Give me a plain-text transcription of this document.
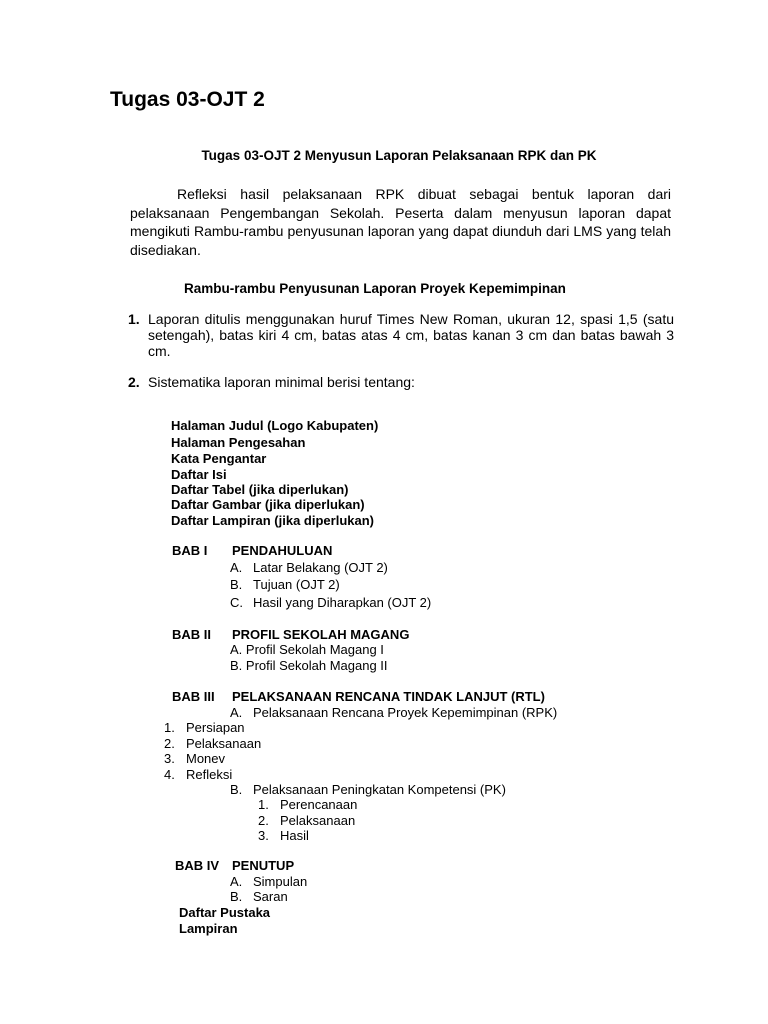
Tugas 03-OJT 2
Tugas 03-OJT 2 Menyusun Laporan Pelaksanaan RPK dan PK
Refleksi hasil pelaksanaan RPK dibuat sebagai bentuk laporan dari pelaksanaan Pengembangan Sekolah. Peserta dalam menyusun laporan dapat mengikuti Rambu-rambu penyusunan laporan yang dapat diunduh dari LMS yang telah disediakan.
Rambu-rambu Penyusunan Laporan Proyek Kepemimpinan
1. Laporan ditulis menggunakan huruf Times New Roman, ukuran 12, spasi 1,5 (satu setengah), batas kiri 4 cm, batas atas 4 cm, batas kanan 3 cm dan batas bawah 3 cm.
2. Sistematika laporan minimal berisi tentang:
Halaman Judul (Logo Kabupaten)
Halaman Pengesahan
Kata Pengantar
Daftar Isi
Daftar Tabel (jika diperlukan)
Daftar Gambar (jika diperlukan)
Daftar Lampiran (jika diperlukan)
BAB I PENDAHULUAN
A. Latar Belakang (OJT 2)
B. Tujuan (OJT 2)
C. Hasil yang Diharapkan (OJT 2)
BAB II PROFIL SEKOLAH MAGANG
A. Profil Sekolah Magang I
B. Profil Sekolah Magang II
BAB III PELAKSANAAN RENCANA TINDAK LANJUT (RTL)
A. Pelaksanaan Rencana Proyek Kepemimpinan (RPK)
1. Persiapan
2. Pelaksanaan
3. Monev
4. Refleksi
B. Pelaksanaan Peningkatan Kompetensi (PK)
1. Perencanaan
2. Pelaksanaan
3. Hasil
BAB IV PENUTUP
A. Simpulan
B. Saran
Daftar Pustaka
Lampiran
